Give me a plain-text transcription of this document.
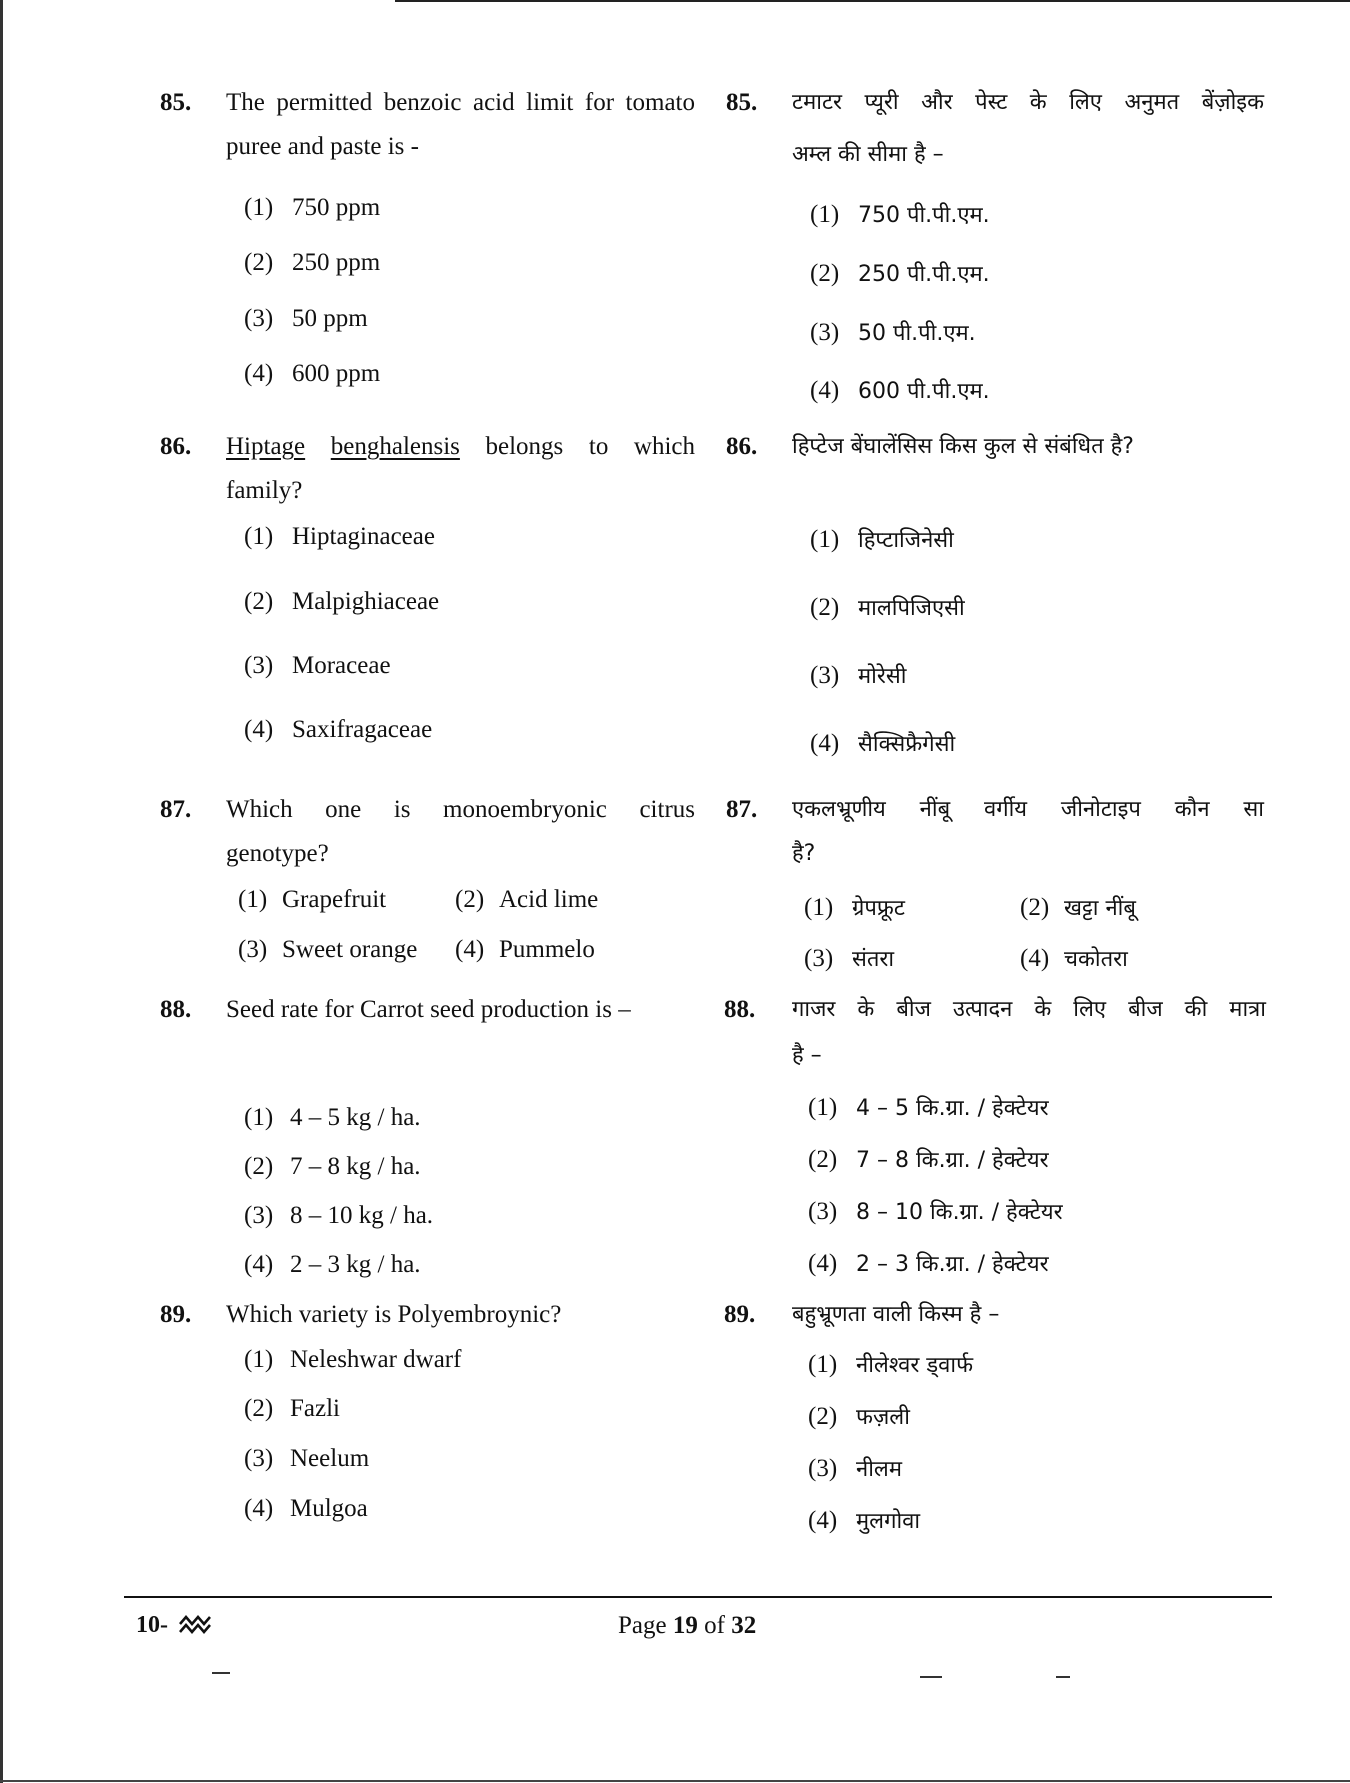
85. The permitted benzoic acid limit for tomato
puree and paste is -
(1) 750 ppm
(2) 250 ppm
(3) 50 ppm
(4) 600 ppm
85. टमाटर प्यूरी और पेस्ट के लिए अनुमत बेंज़ोइक
अम्ल की सीमा है –
(1) 750 पी.पी.एम.
(2) 250 पी.पी.एम.
(3) 50 पी.पी.एम.
(4) 600 पी.पी.एम.
86. Hiptage benghalensis belongs to which
family?
(1) Hiptaginaceae
(2) Malpighiaceae
(3) Moraceae
(4) Saxifragaceae
86. हिप्टेज बेंघालेंसिस किस कुल से संबंधित है?
(1) हिप्टाजिनेसी
(2) मालपिजिएसी
(3) मोरेसी
(4) सैक्सिफ्रैगेसी
87. Which one is monoembryonic citrus
genotype?
(1) Grapefruit	(2) Acid lime
(3) Sweet orange (4) Pummelo
87. एकलभ्रूणीय नींबू वर्गीय जीनोटाइप कौन सा
है?
(1) ग्रेपफ्रूट	(2) खट्टा नींबू
(3) संतरा	(4) चकोतरा
88. Seed rate for Carrot seed production is –
(1) 4 – 5 kg / ha.
(2) 7 – 8 kg / ha.
(3) 8 – 10 kg / ha.
(4) 2 – 3 kg / ha.
88. गाजर के बीज उत्पादन के लिए बीज की मात्रा
है –
(1) 4 – 5 कि.ग्रा. / हेक्टेयर
(2) 7 – 8 कि.ग्रा. / हेक्टेयर
(3) 8 – 10 कि.ग्रा. / हेक्टेयर
(4) 2 – 3 कि.ग्रा. / हेक्टेयर
89. Which variety is Polyembroynic?
(1) Neleshwar dwarf
(2) Fazli
(3) Neelum
(4) Mulgoa
89. बहुभ्रूणता वाली किस्म है –
(1) नीलेश्वर ड्वार्फ
(2) फज़ली
(3) नीलम
(4) मुलगोवा
10-	Page 19 of 32
